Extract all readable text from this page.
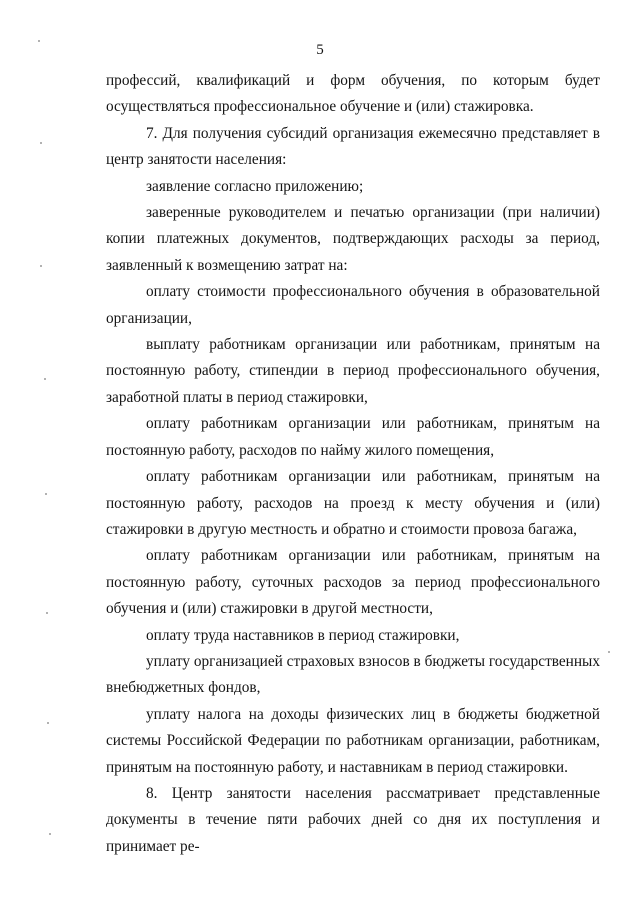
5

профессий, квалификаций и форм обучения, по которым будет осуществляться профессиональное обучение и (или) стажировка.

7. Для получения субсидий организация ежемесячно представляет в центр занятости населения:

заявление согласно приложению;

заверенные руководителем и печатью организации (при наличии) копии платежных документов, подтверждающих расходы за период, заявленный к возмещению затрат на:

оплату стоимости профессионального обучения в образовательной организации,

выплату работникам организации или работникам, принятым на постоянную работу, стипендии в период профессионального обучения, заработной платы в период стажировки,

оплату работникам организации или работникам, принятым на постоянную работу, расходов по найму жилого помещения,

оплату работникам организации или работникам, принятым на постоянную работу, расходов на проезд к месту обучения и (или) стажировки в другую местность и обратно и стоимости провоза багажа,

оплату работникам организации или работникам, принятым на постоянную работу, суточных расходов за период профессионального обучения и (или) стажировки в другой местности,

оплату труда наставников в период стажировки,

уплату организацией страховых взносов в бюджеты государственных внебюджетных фондов,

уплату налога на доходы физических лиц в бюджеты бюджетной системы Российской Федерации по работникам организации, работникам, принятым на постоянную работу, и наставникам в период стажировки.

8. Центр занятости населения рассматривает представленные документы в течение пяти рабочих дней со дня их поступления и принимает ре-
